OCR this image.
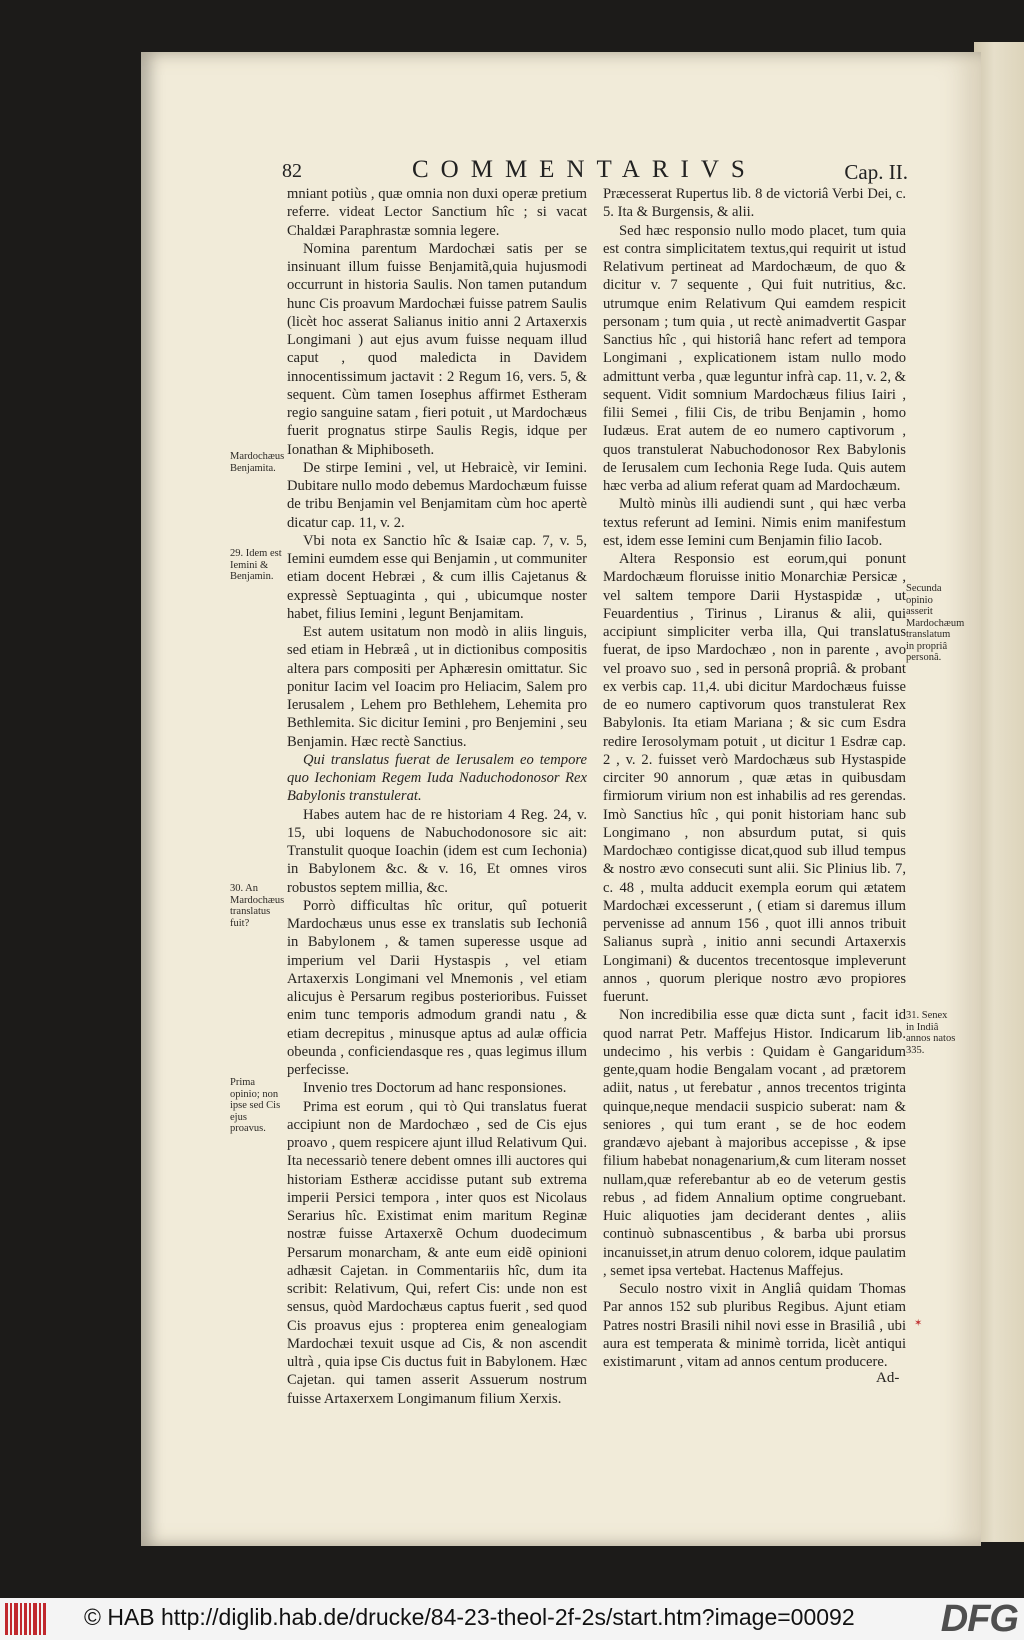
82	COMMENTARIVS	Cap. II.

mniant potiùs , quæ omnia non duxi operæ pretium referre. videat Lector Sanctium hîc ; si vacat Chaldæi Paraphrastæ somnia legere.

Nomina parentum Mardochæi satis per se insinuant illum fuisse Benjamitã,quia hujusmodi occurrunt in historia Saulis. Non tamen putandum hunc Cis proavum Mardochæi fuisse patrem Saulis (licèt hoc asserat Salianus initio anni 2 Artaxerxis Longimani ) aut ejus avum fuisse nequam illud caput , quod maledicta in Davidem innocentissimum jactavit : 2 Regum 16, vers. 5, & sequent. Cùm tamen Iosephus affirmet Estheram regio sanguine satam , fieri potuit , ut Mardochæus fuerit prognatus stirpe Saulis Regis, idque per Ionathan & Miphiboseth.

De stirpe Iemini , vel, ut Hebraicè, vir Iemini. Dubitare nullo modo debemus Mardochæum fuisse de tribu Benjamin vel Benjamitam cùm hoc apertè dicatur cap. 11, v. 2.

Vbi nota ex Sanctio hîc & Isaiæ cap. 7, v. 5, Iemini eumdem esse qui Benjamin , ut communiter etiam docent Hebræi , & cum illis Cajetanus & expressè Septuaginta , qui , ubicumque noster habet, filius Iemini , legunt Benjamitam.

Est autem usitatum non modò in aliis linguis, sed etiam in Hebræâ , ut in dictionibus compositis altera pars compositi per Aphæresin omittatur. Sic ponitur Iacim vel Ioacim pro Heliacim, Salem pro Ierusalem , Lehem pro Bethlehem, Lehemita pro Bethlemita. Sic dicitur Iemini , pro Benjemini , seu Benjamin. Hæc rectè Sanctius.

Qui translatus fuerat de Ierusalem eo tempore quo Iechoniam Regem Iuda Naduchodonosor Rex Babylonis transtulerat.

Habes autem hac de re historiam 4 Reg. 24, v. 15, ubi loquens de Nabuchodonosore sic ait: Transtulit quoque Ioachin (idem est cum Iechonia) in Babylonem &c. & v. 16, Et omnes viros robustos septem millia, &c.

Porrò difficultas hîc oritur, quî potuerit Mardochæus unus esse ex translatis sub Iechoniâ in Babylonem , & tamen superesse usque ad imperium vel Darii Hystaspis , vel etiam Artaxerxis Longimani vel Mnemonis , vel etiam alicujus è Persarum regibus posterioribus. Fuisset enim tunc temporis admodum grandi natu , & etiam decrepitus , minusque aptus ad aulæ officia obeunda , conficiendasque res , quas legimus illum perfecisse.

Invenio tres Doctorum ad hanc responsiones.

Prima est eorum , qui τὸ Qui translatus fuerat accipiunt non de Mardochæo , sed de Cis ejus proavo , quem respicere ajunt illud Relativum Qui. Ita necessariò tenere debent omnes illi auctores qui historiam Estheræ accidisse putant sub extrema imperii Persici tempora , inter quos est Nicolaus Serarius hîc. Existimat enim maritum Reginæ nostræ fuisse Artaxerxẽ Ochum duodecimum Persarum monarcham, & ante eum eidẽ opinioni adhæsit Cajetan. in Commentariis hîc, dum ita scribit: Relativum, Qui, refert Cis: unde non est sensus, quòd Mardochæus captus fuerit , sed quod Cis proavus ejus : propterea enim genealogiam Mardochæi texuit usque ad Cis, & non ascendit ultrà , quia ipse Cis ductus fuit in Babylonem. Hæc Cajetan. qui tamen asserit Assuerum nostrum fuisse Artaxerxem Longimanum filium Xerxis.

Præcesserat Rupertus lib. 8 de victoriâ Verbi Dei, c. 5. Ita & Burgensis, & alii.

Sed hæc responsio nullo modo placet, tum quia est contra simplicitatem textus,qui requirit ut istud Relativum pertineat ad Mardochæum, de quo & dicitur v. 7 sequente , Qui fuit nutritius, &c. utrumque enim Relativum Qui eamdem respicit personam ; tum quia , ut rectè animadvertit Gaspar Sanctius hîc , qui historiâ hanc refert ad tempora Longimani , explicationem istam nullo modo admittunt verba , quæ leguntur infrà cap. 11, v. 2, & sequent. Vidit somnium Mardochæus filius Iairi , filii Semei , filii Cis, de tribu Benjamin , homo Iudæus. Erat autem de eo numero captivorum , quos transtulerat Nabuchodonosor Rex Babylonis de Ierusalem cum Iechonia Rege Iuda. Quis autem hæc verba ad alium referat quam ad Mardochæum.

Multò minùs illi audiendi sunt , qui hæc verba textus referunt ad Iemini. Nimis enim manifestum est, idem esse Iemini cum Benjamin filio Iacob.

Altera Responsio est eorum,qui ponunt Mardochæum floruisse initio Monarchiæ Persicæ , vel saltem tempore Darii Hystaspidæ , ut Feuardentius , Tirinus , Liranus & alii, qui accipiunt simpliciter verba illa, Qui translatus fuerat, de ipso Mardochæo , non in parente , avo vel proavo suo , sed in personâ propriâ. & probant ex verbis cap. 11,4. ubi dicitur Mardochæus fuisse de eo numero captivorum quos transtulerat Rex Babylonis. Ita etiam Mariana ; & sic cum Esdra redire Ierosolymam potuit , ut dicitur 1 Esdræ cap. 2 , v. 2. fuisset verò Mardochæus sub Hystaspide circiter 90 annorum , quæ ætas in quibusdam firmiorum virium non est inhabilis ad res gerendas. Imò Sanctius hîc , qui ponit historiam hanc sub Longimano , non absurdum putat, si quis Mardochæo contigisse dicat,quod sub illud tempus & nostro ævo consecuti sunt alii. Sic Plinius lib. 7, c. 48 , multa adducit exempla eorum qui ætatem Mardochæi excesserunt , ( etiam si daremus illum pervenisse ad annum 156 , quot illi annos tribuit Salianus suprà , initio anni secundi Artaxerxis Longimani) & ducentos trecentosque impleverunt annos , quorum plerique nostro ævo propiores fuerunt.

Non incredibilia esse quæ dicta sunt , facit id quod narrat Petr. Maffejus Histor. Indicarum lib. undecimo , his verbis : Quidam è Gangaridum gente,quam hodie Bengalam vocant , ad prætorem adiit, natus , ut ferebatur , annos trecentos triginta quinque,neque mendacii suspicio suberat: nam & seniores , qui tum erant , se de hoc eodem grandævo ajebant à majoribus accepisse , & ipse filium habebat nonagenarium,& cum literam nosset nullam,quæ referebantur ab eo de veterum gestis rebus , ad fidem Annalium optime congruebant. Huic aliquoties jam deciderant dentes , aliis continuò subnascentibus , & barba ubi prorsus incanuisset,in atrum denuo colorem, idque paulatim , semet ipsa vertebat. Hactenus Maffejus.

Seculo nostro vixit in Angliâ quidam Thomas Par annos 152 sub pluribus Regibus. Ajunt etiam Patres nostri Brasili nihil novi esse in Brasiliâ , ubi aura est temperata & minimè torrida, licèt antiqui existimarunt , vitam ad annos centum producere.

Mardochæus Benjamita.
29. Idem est Iemini & Benjamin.
30. An Mardochæus translatus fuit?
Prima opinio; non ipse sed Cis ejus proavus.
Secunda opinio asserit Mardochæum translatum in propriâ personâ.
31. Senex in Indiâ annos natos 335.
✶
Ad-
© HAB http://diglib.hab.de/drucke/84-23-theol-2f-2s/start.htm?image=00092 DFG
